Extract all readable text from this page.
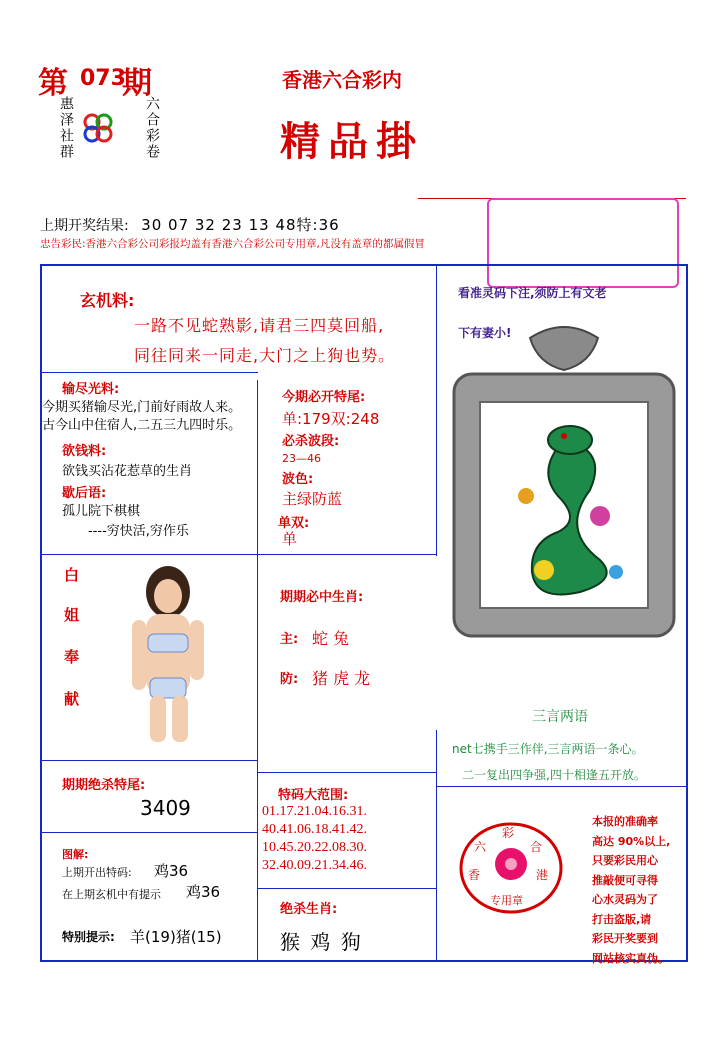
第 073
期
惠泽社群	六合彩卷
香港六合彩内
精品掛
上期开奖结果: 30 07 32 23 13 48特:36
忠告彩民:香港六合彩公司彩报均盖有香港六合彩公司专用章,凡没有盖章的都属假冒
玄机料:
一路不见蛇熟影,请君三四莫回船,
同往同来一同走,大门之上狗也势。
输尽光料:
今期买猪输尽光,门前好雨故人来。
古今山中住宿人,二五三九四时乐。
欲钱料:
欲钱买沾花惹草的生肖
歇后语:
孤儿院下棋棋
----穷快活,穷作乐
白
姐
奉
献
今期必开特尾:
单:179双:248
必杀波段:
23—46
波色:
主绿防蓝
单双:
单
期期必中生肖:
主: 蛇 兔
防: 猪 虎 龙
看准灵码下注,须防上有文老
下有妻小!
三言两语
net七携手三作伴,三言两语一条心。
二一复出四争强,四十相逢五开放。
期期绝杀特尾:
3409
图解:
上期开出特码: 鸡36
在上期玄机中有提示 鸡36
特别提示: 羊(19)猪(15)
特码大范围:
01.17.21.04.16.31.
40.41.06.18.41.42.
10.45.20.22.08.30.
32.40.09.21.34.46.
绝杀生肖:
猴 鸡 狗
彩
六	合
香	港
专用章
本报的准确率
高达 90%以上,
只要彩民用心
推敲便可寻得
心水灵码为了
打击盗版,请
彩民开奖要到
网站核实真伪。
